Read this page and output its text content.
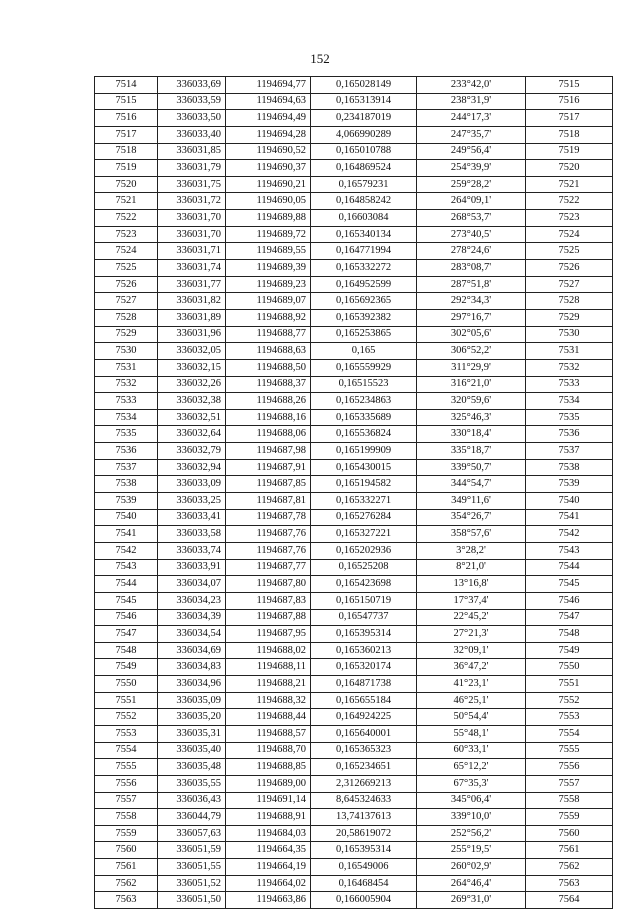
152
7514	336033,69	1194694,77	0,165028149	233°42,0'	7515
7515	336033,59	1194694,63	0,165313914	238°31,9'	7516
7516	336033,50	1194694,49	0,234187019	244°17,3'	7517
7517	336033,40	1194694,28	4,066990289	247°35,7'	7518
7518	336031,85	1194690,52	0,165010788	249°56,4'	7519
7519	336031,79	1194690,37	0,164869524	254°39,9'	7520
7520	336031,75	1194690,21	0,16579231	259°28,2'	7521
7521	336031,72	1194690,05	0,164858242	264°09,1'	7522
7522	336031,70	1194689,88	0,16603084	268°53,7'	7523
7523	336031,70	1194689,72	0,165340134	273°40,5'	7524
7524	336031,71	1194689,55	0,164771994	278°24,6'	7525
7525	336031,74	1194689,39	0,165332272	283°08,7'	7526
7526	336031,77	1194689,23	0,164952599	287°51,8'	7527
7527	336031,82	1194689,07	0,165692365	292°34,3'	7528
7528	336031,89	1194688,92	0,165392382	297°16,7'	7529
7529	336031,96	1194688,77	0,165253865	302°05,6'	7530
7530	336032,05	1194688,63	0,165	306°52,2'	7531
7531	336032,15	1194688,50	0,165559929	311°29,9'	7532
7532	336032,26	1194688,37	0,16515523	316°21,0'	7533
7533	336032,38	1194688,26	0,165234863	320°59,6'	7534
7534	336032,51	1194688,16	0,165335689	325°46,3'	7535
7535	336032,64	1194688,06	0,165536824	330°18,4'	7536
7536	336032,79	1194687,98	0,165199909	335°18,7'	7537
7537	336032,94	1194687,91	0,165430015	339°50,7'	7538
7538	336033,09	1194687,85	0,165194582	344°54,7'	7539
7539	336033,25	1194687,81	0,165332271	349°11,6'	7540
7540	336033,41	1194687,78	0,165276284	354°26,7'	7541
7541	336033,58	1194687,76	0,165327221	358°57,6'	7542
7542	336033,74	1194687,76	0,165202936	3°28,2'	7543
7543	336033,91	1194687,77	0,16525208	8°21,0'	7544
7544	336034,07	1194687,80	0,165423698	13°16,8'	7545
7545	336034,23	1194687,83	0,165150719	17°37,4'	7546
7546	336034,39	1194687,88	0,16547737	22°45,2'	7547
7547	336034,54	1194687,95	0,165395314	27°21,3'	7548
7548	336034,69	1194688,02	0,165360213	32°09,1'	7549
7549	336034,83	1194688,11	0,165320174	36°47,2'	7550
7550	336034,96	1194688,21	0,164871738	41°23,1'	7551
7551	336035,09	1194688,32	0,165655184	46°25,1'	7552
7552	336035,20	1194688,44	0,164924225	50°54,4'	7553
7553	336035,31	1194688,57	0,165640001	55°48,1'	7554
7554	336035,40	1194688,70	0,165365323	60°33,1'	7555
7555	336035,48	1194688,85	0,165234651	65°12,2'	7556
7556	336035,55	1194689,00	2,312669213	67°35,3'	7557
7557	336036,43	1194691,14	8,645324633	345°06,4'	7558
7558	336044,79	1194688,91	13,74137613	339°10,0'	7559
7559	336057,63	1194684,03	20,58619072	252°56,2'	7560
7560	336051,59	1194664,35	0,165395314	255°19,5'	7561
7561	336051,55	1194664,19	0,16549006	260°02,9'	7562
7562	336051,52	1194664,02	0,16468454	264°46,4'	7563
7563	336051,50	1194663,86	0,166005904	269°31,0'	7564
